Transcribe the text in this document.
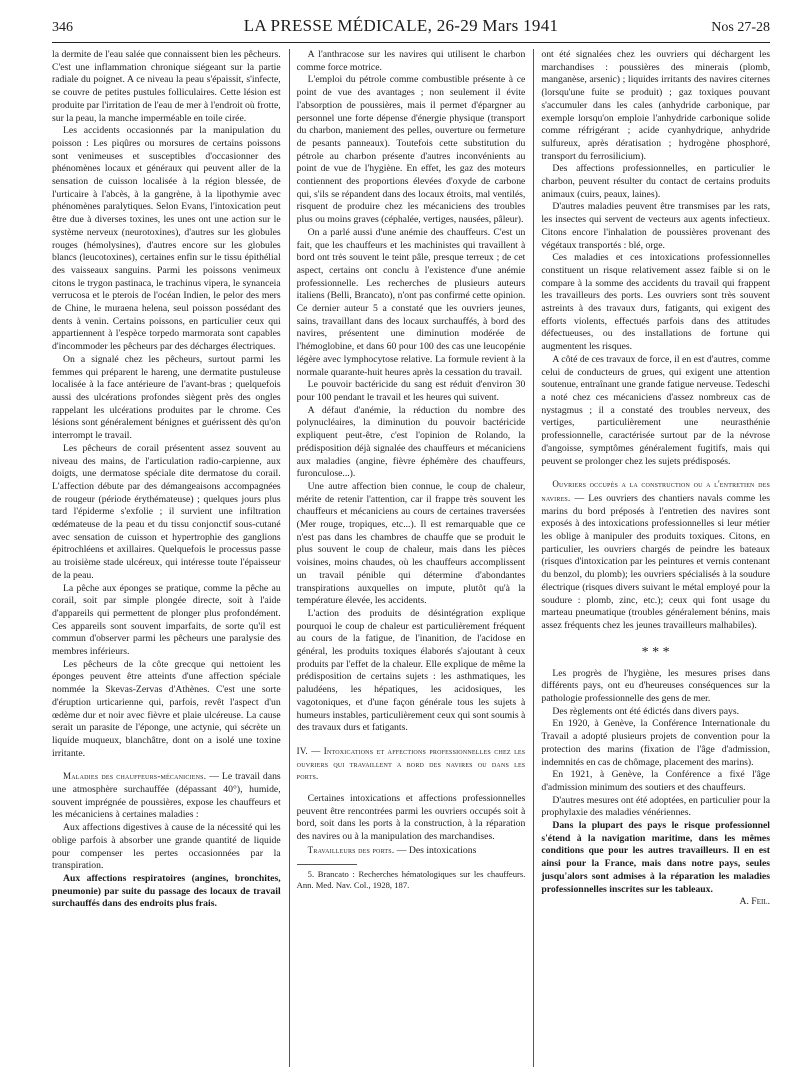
346	LA PRESSE MÉDICALE, 26-29 Mars 1941	Nos 27-28

la dermite de l'eau salée que connaissent bien les pêcheurs. C'est une inflammation chronique siégeant sur la partie radiale du poignet. A ce niveau la peau s'épaissit, s'infecte, se couvre de petites pustules folliculaires. Cette lésion est produite par l'irritation de l'eau de mer à l'endroit où frotte, sur la peau, la manche imperméable en toile cirée.

Les accidents occasionnés par la manipulation du poisson : Les piqûres ou morsures de certains poissons sont venimeuses et susceptibles d'occasionner des phénomènes locaux et généraux qui peuvent aller de la sensation de cuisson localisée à la région blessée, de l'urticaire à l'abcès, à la gangrène, à la lipothymie avec phénomènes paralytiques. Selon Evans, l'intoxication peut être due à diverses toxines, les unes ont une action sur le système nerveux (neurotoxines), d'autres sur les globules rouges (hémolysines), d'autres encore sur les globules blancs (leucotoxines), certaines enfin sur le tissu épithélial des vaisseaux sanguins. Parmi les poissons venimeux citons le trygon pastinaca, le trachinus vipera, le synanceia verrucosa et le pterois de l'océan Indien, le pelor des mers de Chine, le muraena helena, seul poisson possédant des dents à venin. Certains poissons, en particulier ceux qui appartiennent à l'espèce torpedo marmorata sont capables d'incommoder les pêcheurs par des décharges électriques.

On a signalé chez les pêcheurs, surtout parmi les femmes qui préparent le hareng, une dermatite pustuleuse localisée à la face antérieure de l'avant-bras ; quelquefois aussi des ulcérations profondes siègent près des ongles rappelant les ulcérations produites par le chrome. Ces lésions sont généralement bénignes et guérissent dès qu'on interrompt le travail.

Les pêcheurs de corail présentent assez souvent au niveau des mains, de l'articulation radio-carpienne, aux doigts, une dermatose spéciale dite dermatose du corail. L'affection débute par des démangeaisons accompagnées de rougeur (période érythémateuse) ; quelques jours plus tard l'épiderme s'exfolie ; il survient une infiltration œdémateuse de la peau et du tissu conjonctif sous-cutané avec sensation de cuisson et hypertrophie des ganglions épitrochléens et axillaires. Quelquefois le processus passe au troisième stade ulcéreux, qui intéresse toute l'épaisseur de la peau.

La pêche aux éponges se pratique, comme la pêche au corail, soit par simple plongée directe, soit à l'aide d'appareils qui permettent de plonger plus profondément. Ces appareils sont souvent imparfaits, de sorte qu'il est commun d'observer parmi les pêcheurs une paralysie des membres inférieurs.

Les pêcheurs de la côte grecque qui nettoient les éponges peuvent être atteints d'une affection spéciale nommée la Skevas-Zervas d'Athènes. C'est une sorte d'éruption urticarienne qui, parfois, revêt l'aspect d'un œdème dur et noir avec fièvre et plaie ulcéreuse. La cause serait un parasite de l'éponge, une actynie, qui sécrète un liquide muqueux, blanchâtre, dont on a isolé une toxine irritante.

Maladies des chauffeurs-mécaniciens. — Le travail dans une atmosphère surchauffée (dépassant 40°), humide, souvent imprégnée de poussières, expose les chauffeurs et les mécaniciens à certaines maladies :

Aux affections digestives à cause de la nécessité qui les oblige parfois à absorber une grande quantité de liquide pour compenser les pertes occasionnées par la transpiration.

Aux affections respiratoires (angines, bronchites, pneumonie) par suite du passage des locaux de travail surchauffés dans des endroits plus frais.

A l'anthracose sur les navires qui utilisent le charbon comme force motrice.

L'emploi du pétrole comme combustible présente à ce point de vue des avantages ; non seulement il évite l'absorption de poussières, mais il permet d'épargner au personnel une forte dépense d'énergie physique (transport du charbon, maniement des pelles, ouverture ou fermeture de pesants panneaux). Toutefois cette substitution du pétrole au charbon présente d'autres inconvénients au point de vue de l'hygiène. En effet, les gaz des moteurs contiennent des proportions élevées d'oxyde de carbone qui, s'ils se répandent dans des locaux étroits, mal ventilés, risquent de produire chez les mécaniciens des troubles plus ou moins graves (céphalée, vertiges, nausées, pâleur).

On a parlé aussi d'une anémie des chauffeurs. C'est un fait, que les chauffeurs et les machinistes qui travaillent à bord ont très souvent le teint pâle, presque terreux ; de cet aspect, certains ont conclu à l'existence d'une anémie professionnelle. Les recherches de plusieurs auteurs italiens (Belli, Brancato), n'ont pas confirmé cette opinion. Ce dernier auteur 5 a constaté que les ouvriers jeunes, sains, travaillant dans des locaux surchauffés, à bord des navires, présentent une diminution modérée de l'hémoglobine, et dans 60 pour 100 des cas une leucopénie légère avec lymphocytose relative. La formule revient à la normale quarante-huit heures après la cessation du travail.

Le pouvoir bactéricide du sang est réduit d'environ 30 pour 100 pendant le travail et les heures qui suivent.

A défaut d'anémie, la réduction du nombre des polynucléaires, la diminution du pouvoir bactéricide expliquent peut-être, c'est l'opinion de Rolando, la prédisposition déjà signalée des chauffeurs et mécaniciens aux maladies (angine, fièvre éphémère des chauffeurs, furonculose...).

Une autre affection bien connue, le coup de chaleur, mérite de retenir l'attention, car il frappe très souvent les chauffeurs et mécaniciens au cours de certaines traversées (Mer rouge, tropiques, etc...). Il est remarquable que ce n'est pas dans les chambres de chauffe que se produit le plus souvent le coup de chaleur, mais dans les pièces voisines, moins chaudes, où les chauffeurs accomplissent un travail pénible qui détermine d'abondantes transpirations auxquelles on impute, plutôt qu'à la température élevée, les accidents.

L'action des produits de désintégration explique pourquoi le coup de chaleur est particulièrement fréquent au cours de la fatigue, de l'inanition, de l'acidose en général, les produits toxiques élaborés s'ajoutant à ceux produits par l'effet de la chaleur. Elle explique de même la prédisposition de certains sujets : les asthmatiques, les paludéens, les hépatiques, les acidosiques, les vagotoniques, et d'une façon générale tous les sujets à humeurs instables, particulièrement ceux qui sont soumis à des travaux durs et fatigants.

IV. — Intoxications et affections professionnelles chez les ouvriers qui travaillent a bord des navires ou dans les ports.

Certaines intoxications et affections professionnelles peuvent être rencontrées parmi les ouvriers occupés soit à bord, soit dans les ports à la construction, à la réparation des navires ou à la manipulation des marchandises.

Travailleurs des ports. — Des intoxications

5. Brancato : Recherches hématologiques sur les chauffeurs. Ann. Med. Nav. Col., 1928, 187.

ont été signalées chez les ouvriers qui déchargent les marchandises : poussières des minerais (plomb, manganèse, arsenic) ; liquides irritants des navires citernes (lorsqu'une fuite se produit) ; gaz toxiques pouvant s'accumuler dans les cales (anhydride carbonique, par exemple lorsqu'on emploie l'anhydride carbonique solide comme réfrigérant ; acide cyanhydrique, anhydride sulfureux, après dératisation ; hydrogène phosphoré, transport du ferrosilicium).

Des affections professionnelles, en particulier le charbon, peuvent résulter du contact de certains produits animaux (cuirs, peaux, laines).

D'autres maladies peuvent être transmises par les rats, les insectes qui servent de vecteurs aux agents infectieux. Citons encore l'inhalation de poussières provenant des végétaux transportés : blé, orge.

Ces maladies et ces intoxications professionnelles constituent un risque relativement assez faible si on le compare à la somme des accidents du travail qui frappent les travailleurs des ports. Les ouvriers sont très souvent astreints à des travaux durs, fatigants, qui exigent des efforts violents, effectués parfois dans des attitudes défectueuses, ou des installations de fortune qui augmentent les risques.

A côté de ces travaux de force, il en est d'autres, comme celui de conducteurs de grues, qui exigent une attention soutenue, entraînant une grande fatigue nerveuse. Tedeschi a noté chez ces mécaniciens d'assez nombreux cas de nystagmus ; il a constaté des troubles nerveux, des vertiges, particulièrement une neurasthénie professionnelle, caractérisée surtout par de la névrose d'angoisse, symptômes généralement fugitifs, mais qui peuvent se prolonger chez les sujets prédisposés.

Ouvriers occupés a la construction ou a l'entretien des navires. — Les ouvriers des chantiers navals comme les marins du bord préposés à l'entretien des navires sont exposés à des intoxications professionnelles si leur métier les oblige à manipuler des produits toxiques. Citons, en particulier, les ouvriers chargés de peindre les bateaux (risques d'intoxication par les peintures et vernis contenant du benzol, du plomb); les ouvriers spécialisés à la soudure électrique (risques divers suivant le métal employé pour la soudure : plomb, zinc, etc.); ceux qui font usage du marteau pneumatique (troubles généralement bénins, mais assez fréquents chez les jeunes travailleurs malhabiles).

* * *

Les progrès de l'hygiène, les mesures prises dans différents pays, ont eu d'heureuses conséquences sur la pathologie professionnelle des gens de mer.

Des règlements ont été édictés dans divers pays.

En 1920, à Genève, la Conférence Internationale du Travail a adopté plusieurs projets de convention pour la protection des marins (fixation de l'âge d'admission, indemnités en cas de chômage, placement des marins).

En 1921, à Genève, la Conférence a fixé l'âge d'admission minimum des soutiers et des chauffeurs.

D'autres mesures ont été adoptées, en particulier pour la prophylaxie des maladies vénériennes.

Dans la plupart des pays le risque professionnel s'étend à la navigation maritime, dans les mêmes conditions que pour les autres travailleurs. Il en est ainsi pour la France, mais dans notre pays, seules jusqu'alors sont admises à la réparation les maladies professionnelles inscrites sur les tableaux.

A. Feil.
